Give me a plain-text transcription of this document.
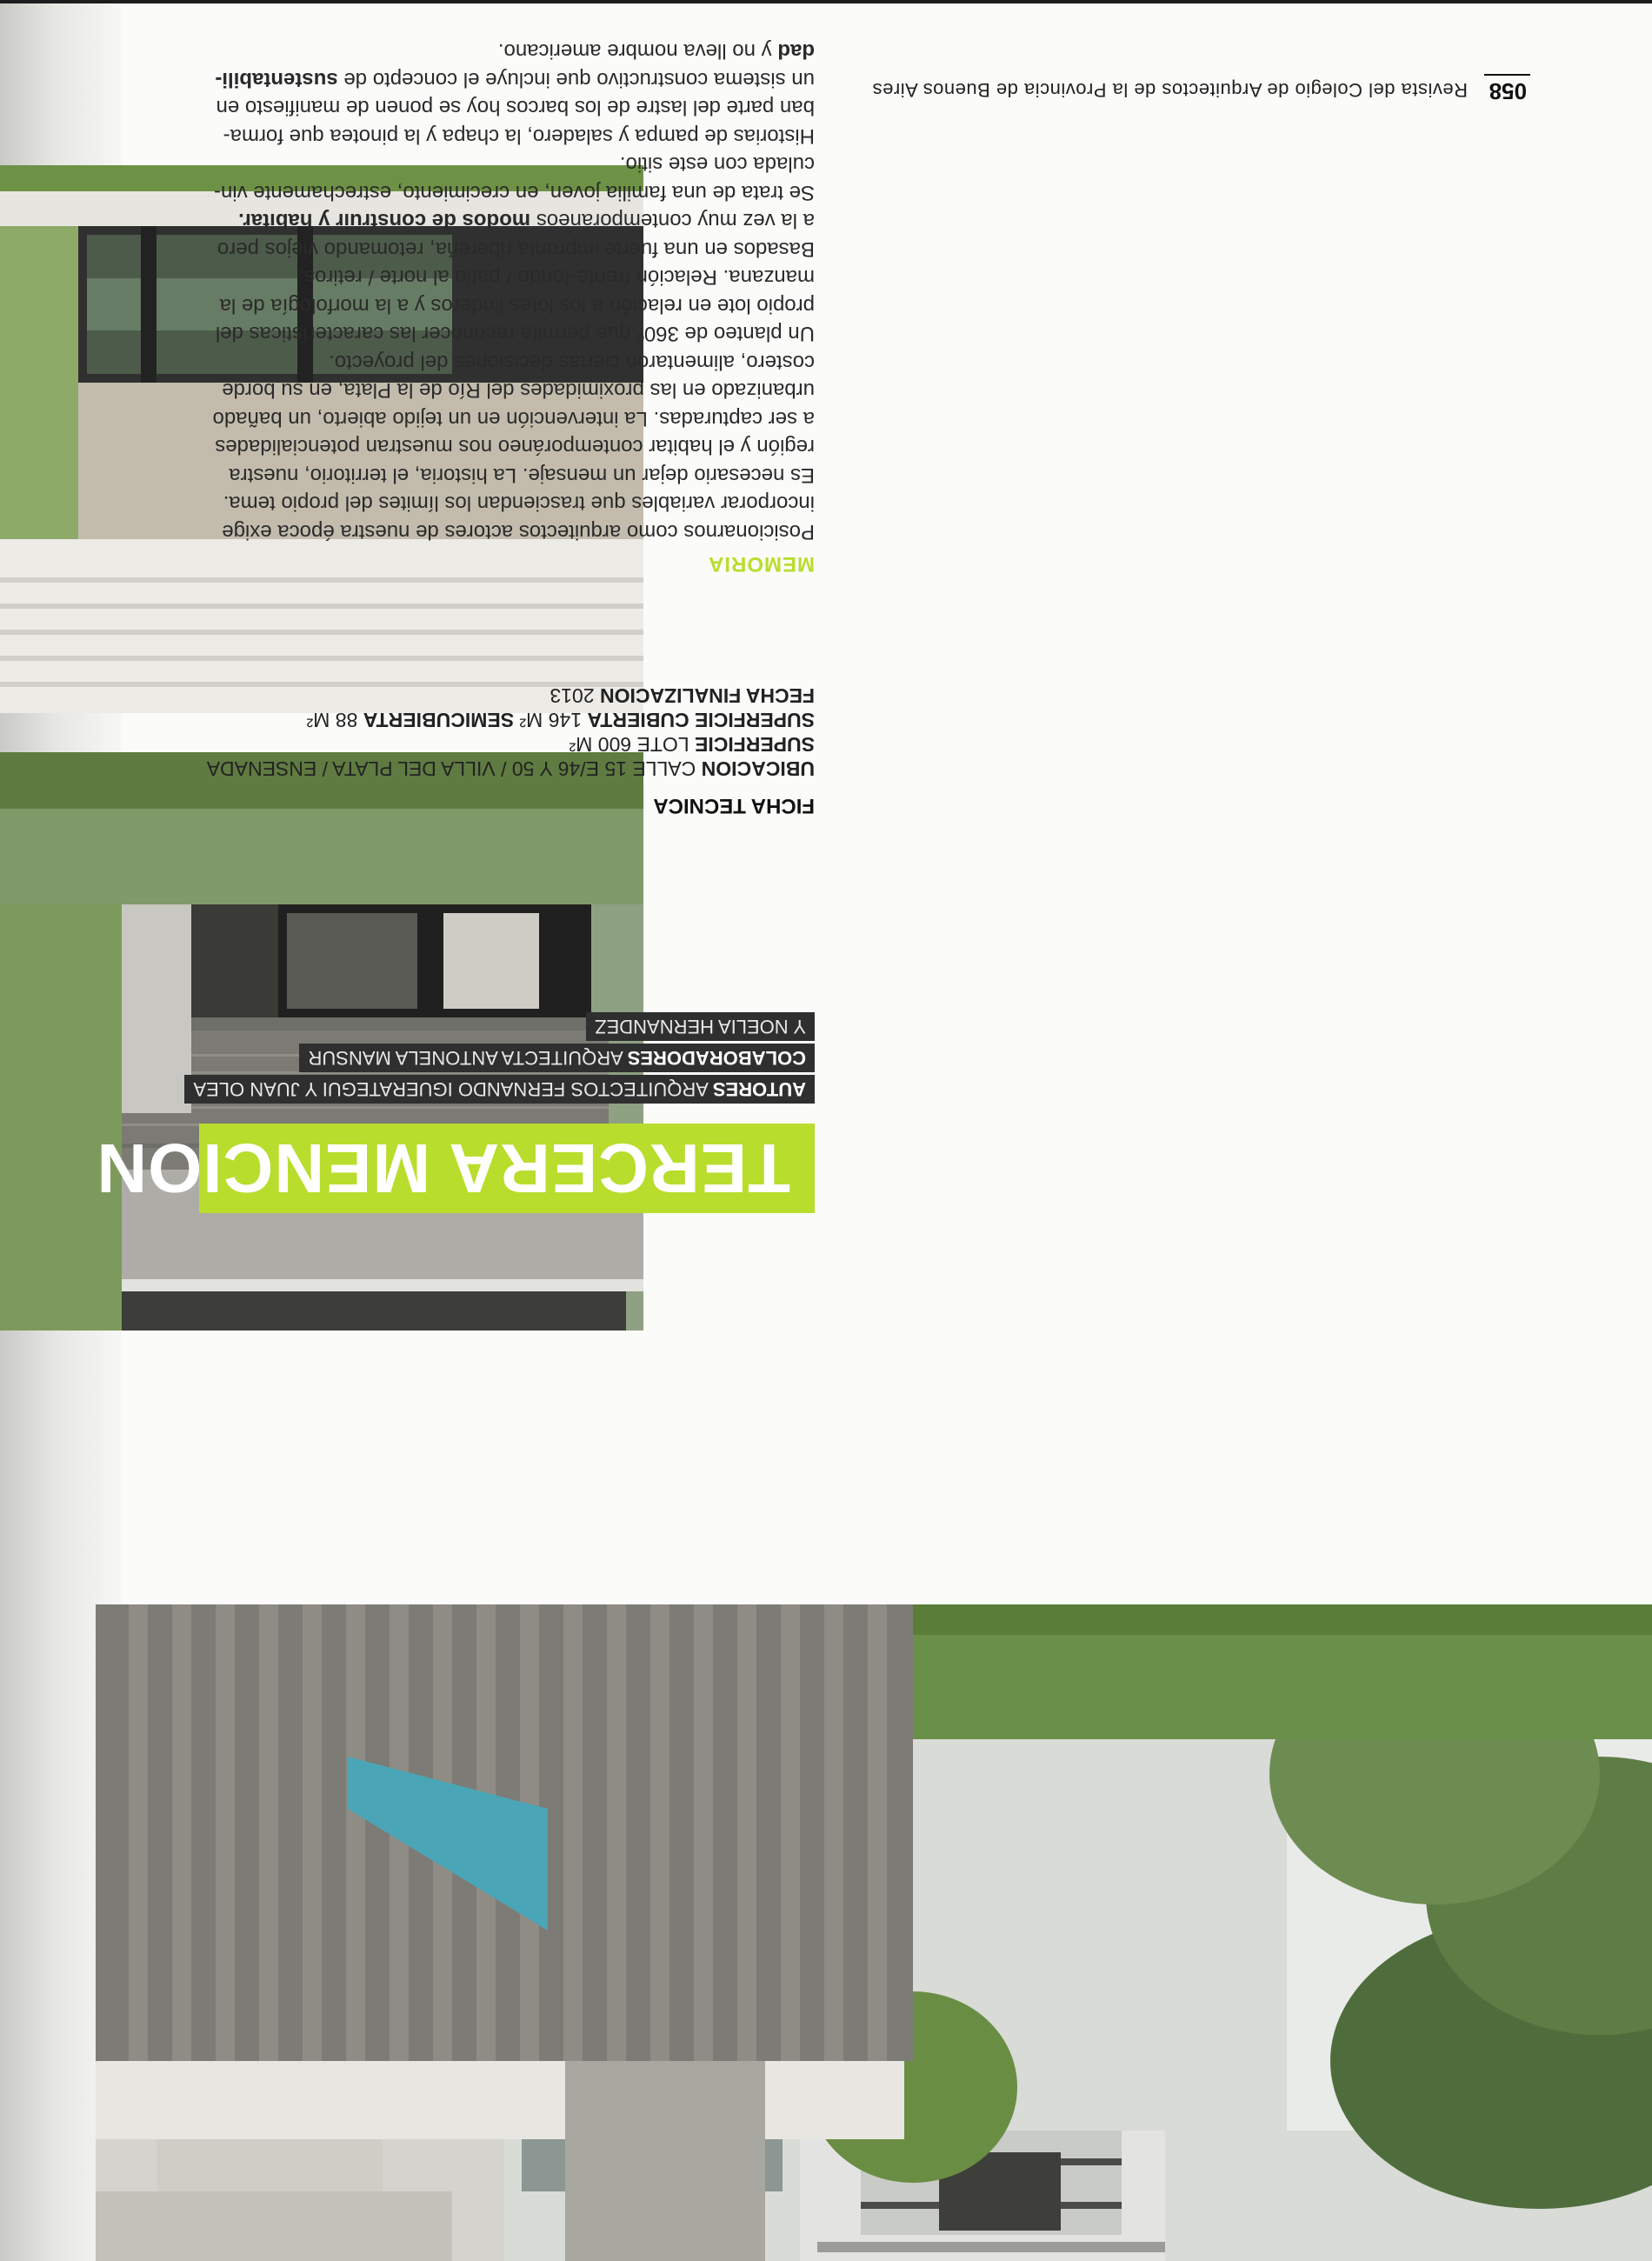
058
Revista del Colegio de Arquitectos de la Provincia de Buenos Aires
TERCERA MENCION
AUTORES ARQUITECTOS FERNANDO IGUERATEGUI Y JUAN OLEA
COLABORADORES ARQUITECTA ANTONELA MANSUR
Y NOELIA HERNANDEZ
FICHA TECNICA
UBICACION CALLE 15 E/46 Y 50 / VILLA DEL PLATA / ENSENADA
SUPERFICIE LOTE 600 M²
SUPERFICIE CUBIERTA 146 M² SEMICUBIERTA 88 M²
FECHA FINALIZACION 2013
MEMORIA

Posicionarnos como arquitectos actores de nuestra época exige

incorporar variables que trasciendan los límites del propio tema.

Es necesario dejar un mensaje. La historia, el territorio, nuestra

región y el habitar contemporáneo nos muestran potencialidades

a ser capturadas. La intervención en un tejido abierto, un bañado

urbanizado en las proximidades del Río de la Plata, en su borde

costero, alimentaron ciertas decisiones del proyecto.

Un planteo de 360º que permite reconocer las características del

propio lote en relación a los lotes linderos y a la morfología de la

manzana. Relación frente-fondo / patio al norte / retiros.

Basados en una fuerte impronta ribereña, retomando viejos pero

a la vez muy contemporáneos modos de construir y habitar.

Se trata de una familia joven, en crecimiento, estrechamente vin-

culada con este sitio.

Historias de pampa y saladero, la chapa y la pinotea que forma-

ban parte del lastre de los barcos hoy se ponen de manifiesto en

un sistema constructivo que incluye el concepto de sustentabili-

dad y no lleva nombre americano.
